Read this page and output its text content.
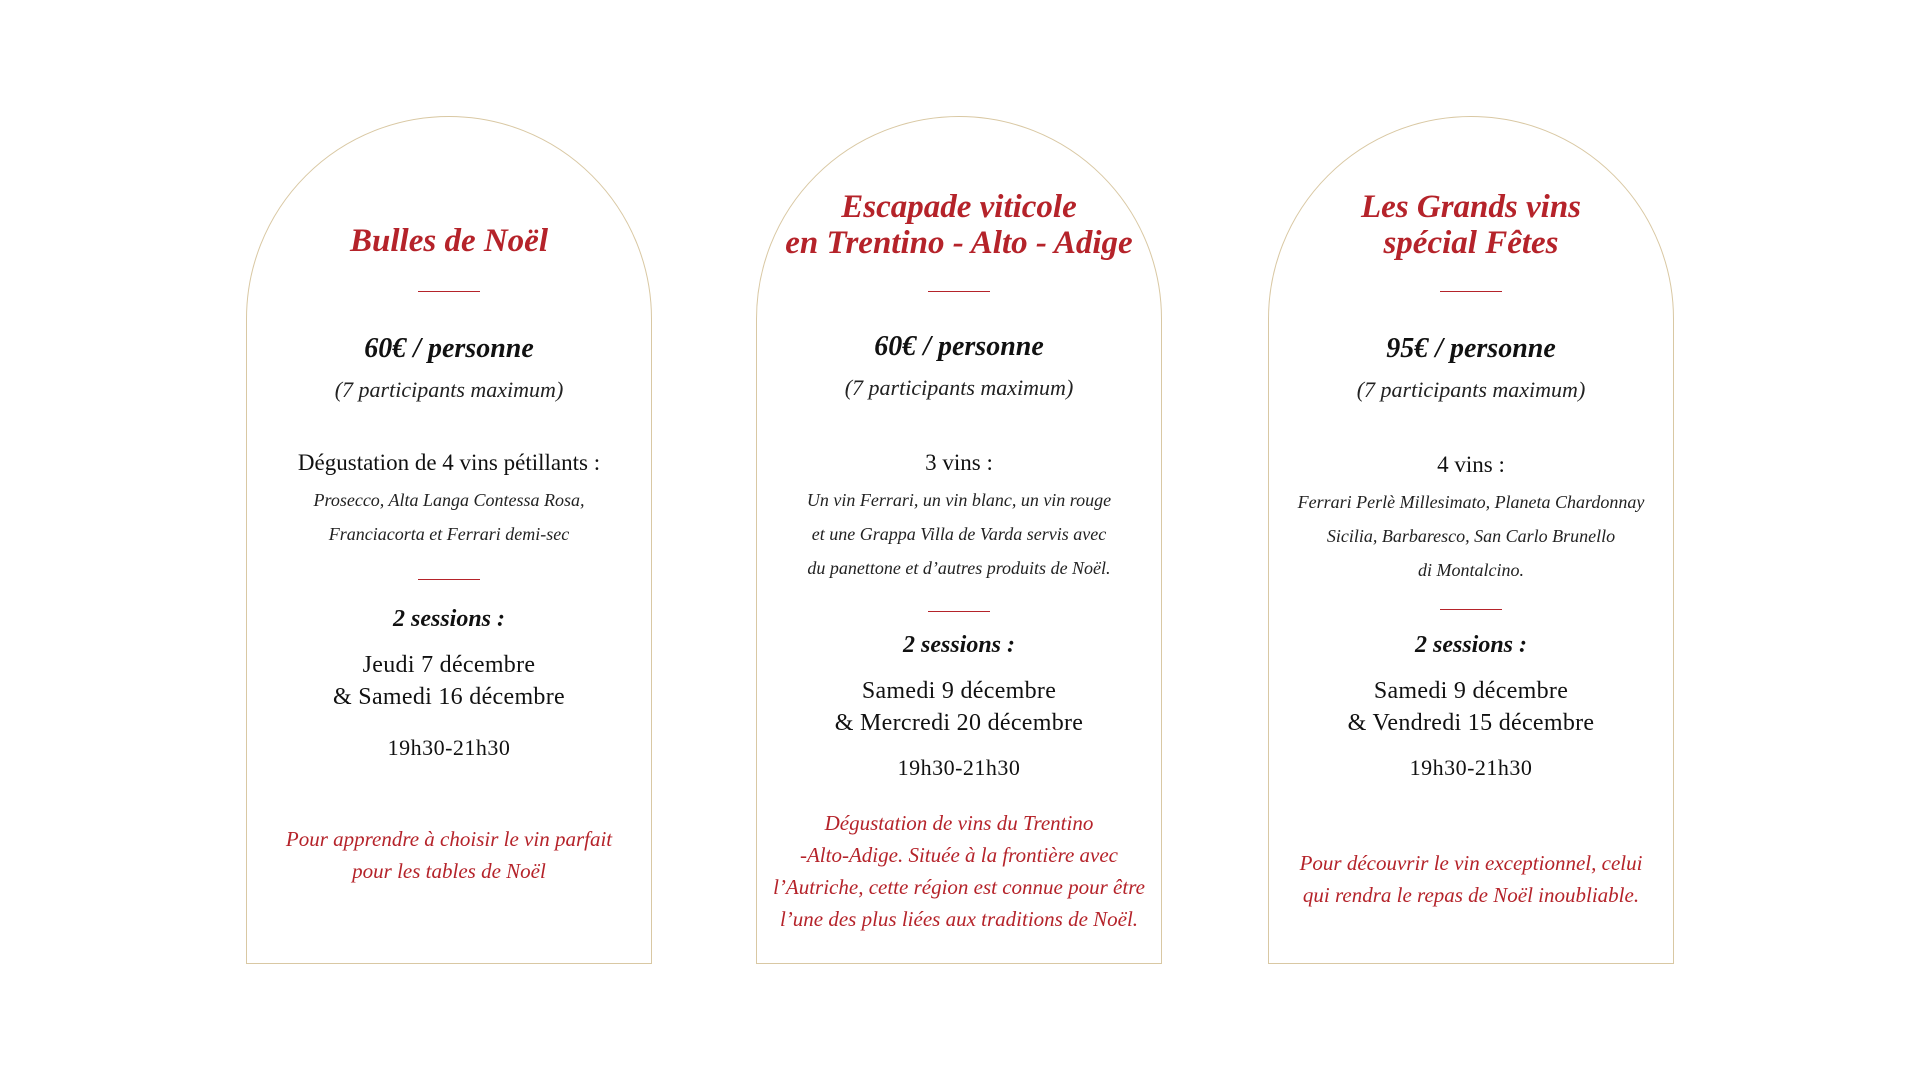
Bulles de Noël

60€ / personne

(7 participants maximum)

Dégustation de 4 vins pétillants :

Prosecco, Alta Langa Contessa Rosa,
Franciacorta et Ferrari demi-sec

2 sessions :

Jeudi 7 décembre
& Samedi 16 décembre

19h30-21h30

Pour apprendre à choisir le vin parfait
pour les tables de Noël

Escapade viticole
en Trentino - Alto - Adige

60€ / personne

(7 participants maximum)

3 vins :

Un vin Ferrari, un vin blanc, un vin rouge
et une Grappa Villa de Varda servis avec
du panettone et d’autres produits de Noël.

2 sessions :

Samedi 9 décembre
& Mercredi 20 décembre

19h30-21h30

Dégustation de vins du Trentino
-Alto-Adige. Située à la frontière avec
l’Autriche, cette région est connue pour être
l’une des plus liées aux traditions de Noël.

Les Grands vins
spécial Fêtes

95€ / personne

(7 participants maximum)

4 vins :

Ferrari Perlè Millesimato, Planeta Chardonnay
Sicilia, Barbaresco, San Carlo Brunello
di Montalcino.

2 sessions :

Samedi 9 décembre
& Vendredi 15 décembre

19h30-21h30

Pour découvrir le vin exceptionnel, celui
qui rendra le repas de Noël inoubliable.
